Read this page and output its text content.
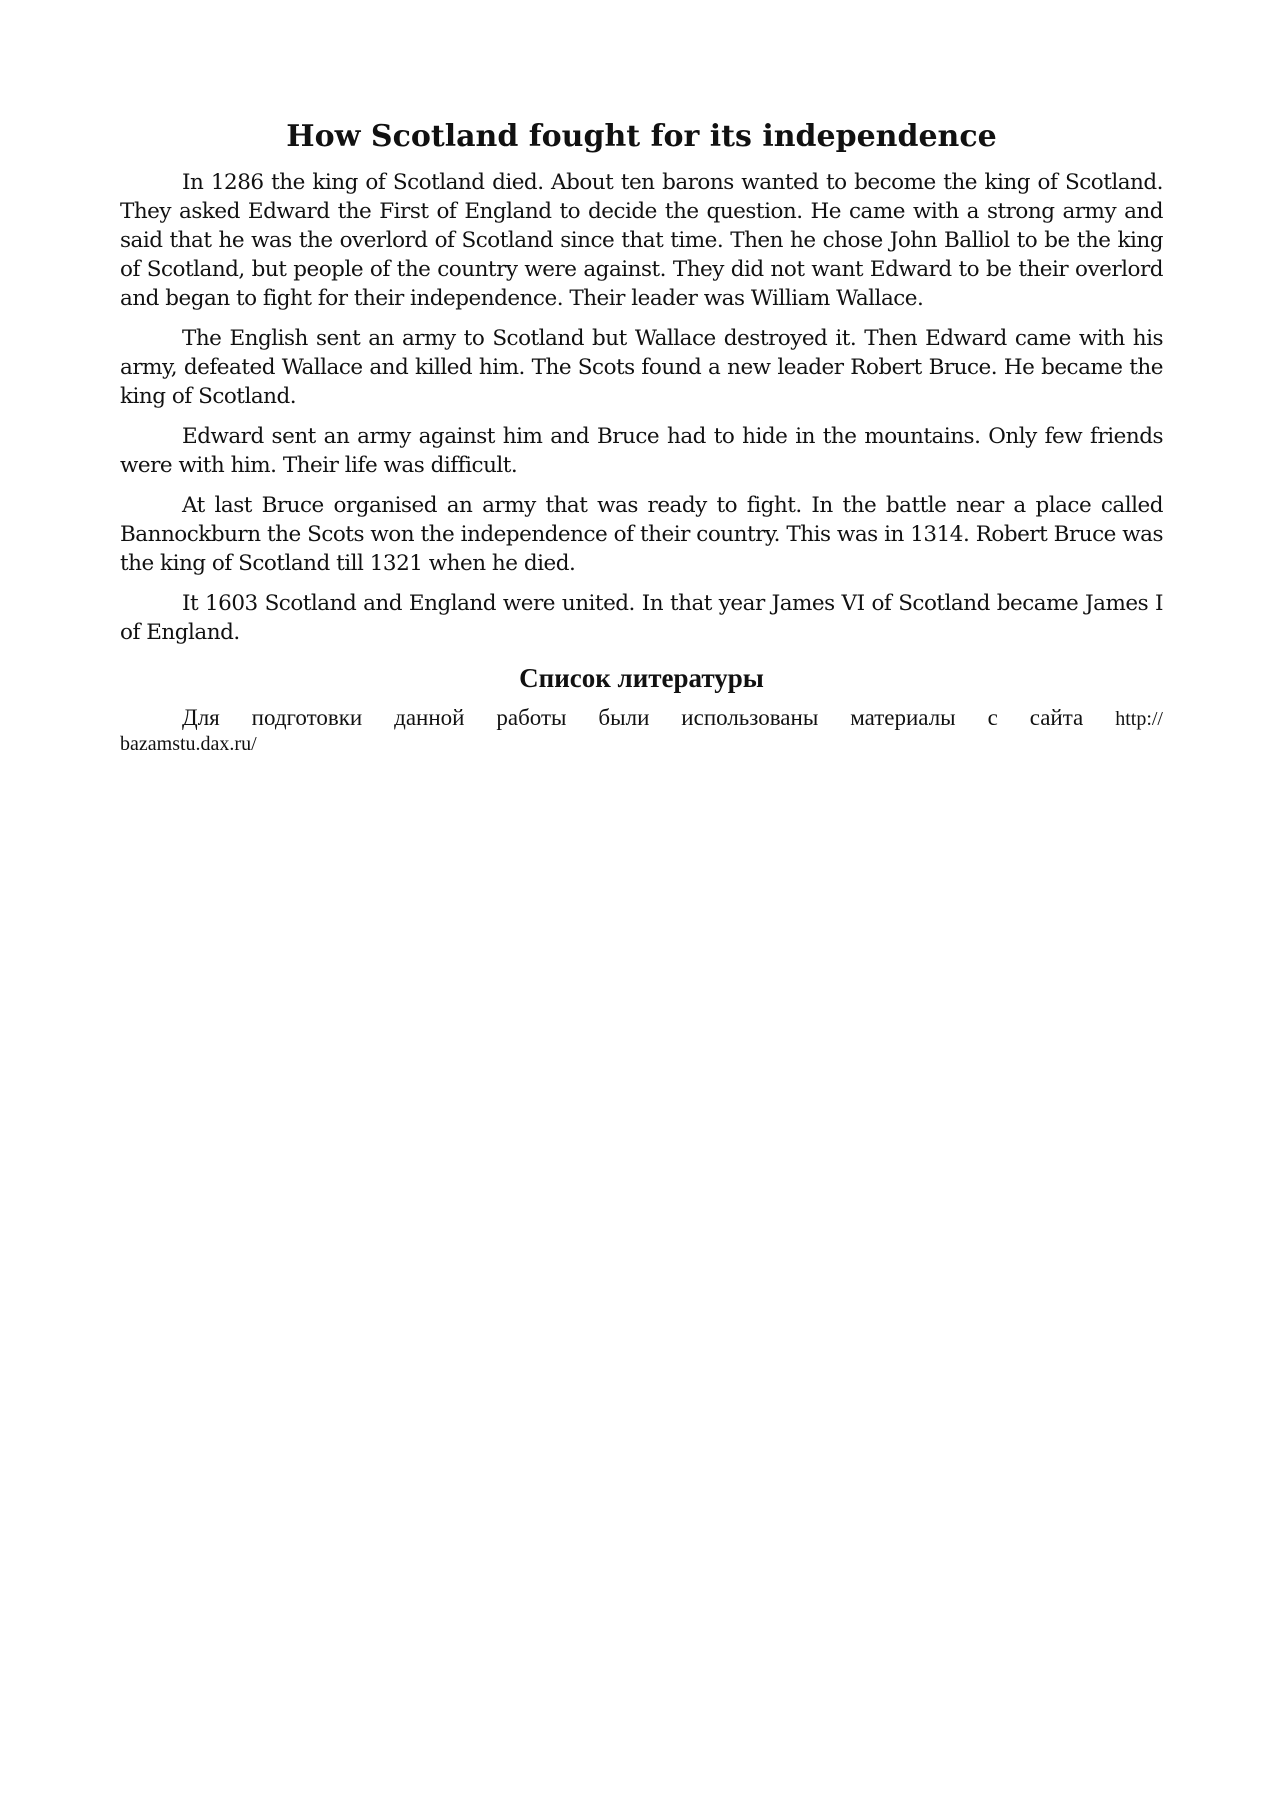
How Scotland fought for its independence

In 1286 the king of Scotland died. About ten barons wanted to become the king of Scotland. They asked Edward the First of England to decide the question. He came with a strong army and said that he was the overlord of Scotland since that time. Then he chose John Balliol to be the king of Scotland, but people of the country were against. They did not want Edward to be their overlord and began to fight for their independence. Their leader was William Wallace.

The English sent an army to Scotland but Wallace destroyed it. Then Edward came with his army, defeated Wallace and killed him. The Scots found a new leader Robert Bruce. He became the king of Scotland.

Edward sent an army against him and Bruce had to hide in the mountains. Only few friends were with him. Their life was difficult.

At last Bruce organised an army that was ready to fight. In the battle near a place called Bannockburn the Scots won the independence of their country. This was in 1314. Robert Bruce was the king of Scotland till 1321 when he died.

It 1603 Scotland and England were united. In that year James VI of Scotland became James I of England.

Список литературы

Для подготовки данной работы были использованы материалы с сайта http:// bazamstu.dax.ru/
